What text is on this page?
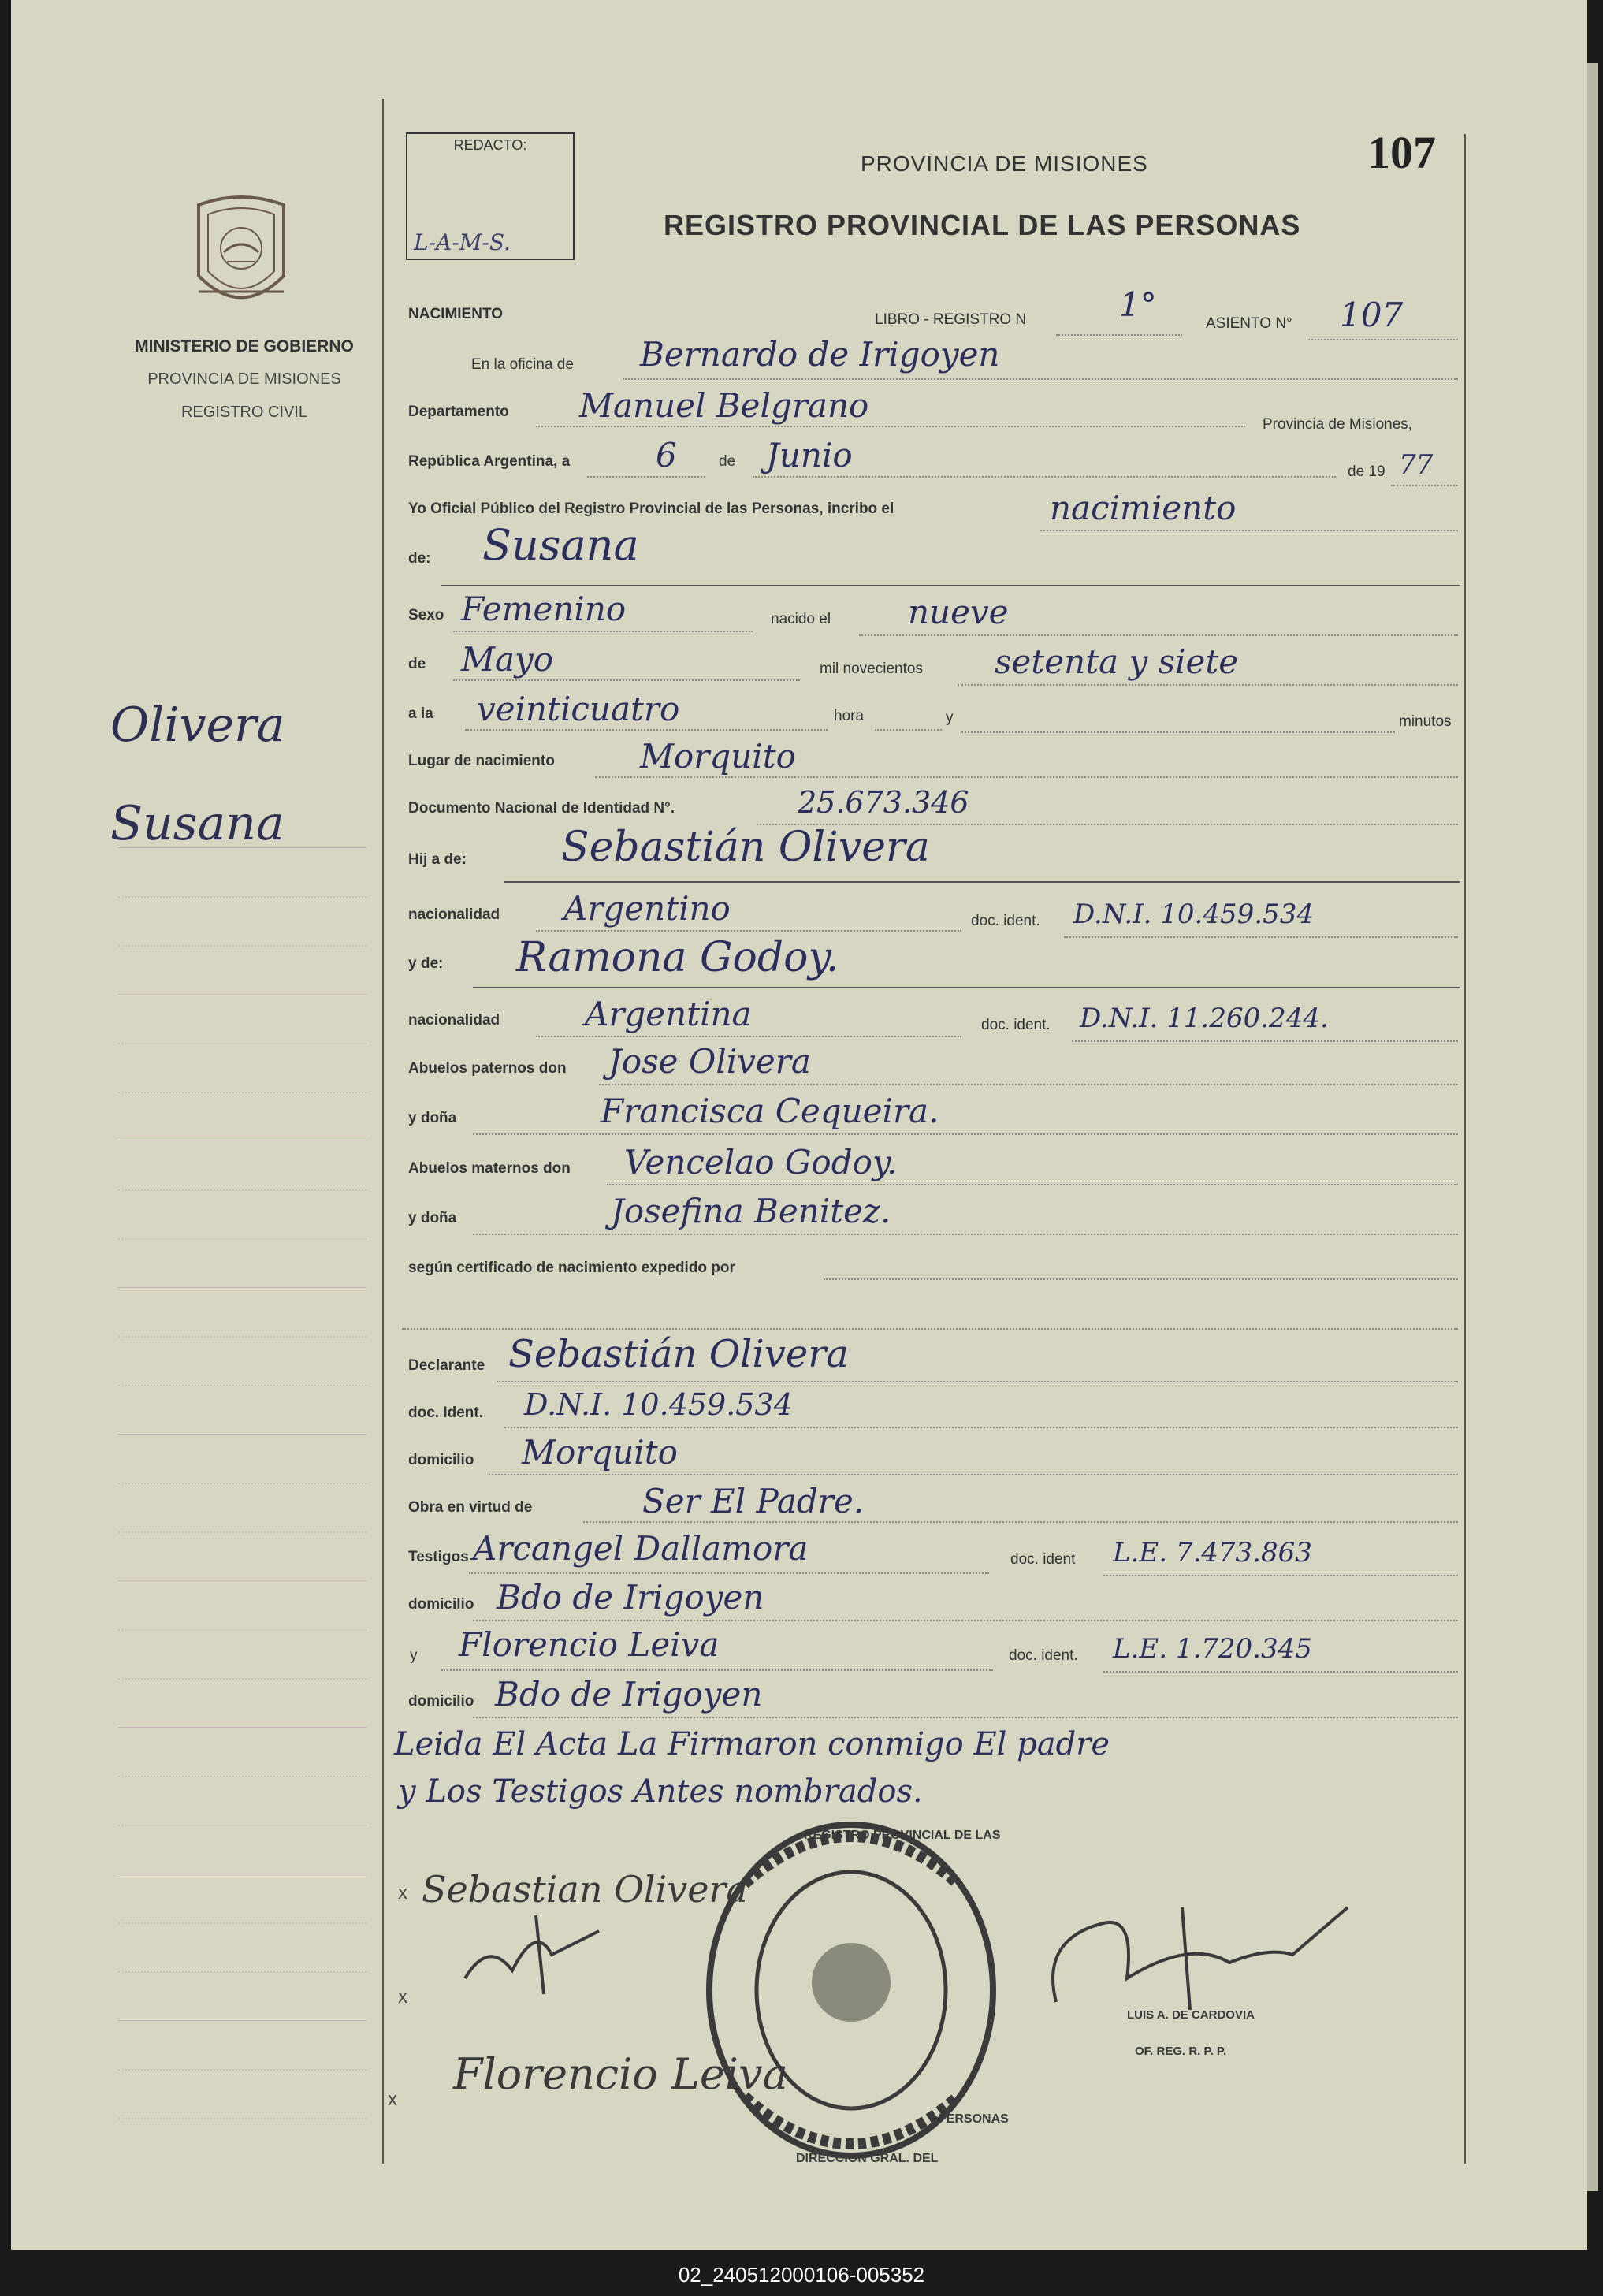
MINISTERIO DE GOBIERNO
PROVINCIA DE MISIONES
REGISTRO CIVIL
Olivera
Susana
REDACTO:
L-A-M-S.
PROVINCIA DE MISIONES	107
REGISTRO PROVINCIAL DE LAS PERSONAS
NACIMIENTO	LIBRO - REGISTRO N	1°	ASIENTO N° 107
En la oficina de Bernardo de Irigoyen
Departamento Manuel Belgrano	Provincia de Misiones,
República Argentina, a	6	de Junio	de 19 77
Yo Oficial Público del Registro Provincial de las Personas, incribo el	nacimiento
de: Susana
Sexo Femenino	nacido el nueve
de Mayo	mil novecientos setenta y siete
a la veinticuatro	hora	y	minutos
Lugar de nacimiento	Morquito
Documento Nacional de Identidad N°.	25.673.346
Hij a de: Sebastián Olivera
nacionalidad Argentino	doc. ident. D.N.I. 10.459.534
y de: Ramona Godoy.
nacionalidad	Argentina	doc. ident. D.N.I. 11.260.244.
Abuelos paternos don Jose Olivera
y doña	Francisca Cequeira.
Abuelos maternos don Vencelao Godoy.
y doña	Josefina Benitez.
según certificado de nacimiento expedido por
Declarante Sebastián Olivera
doc. Ident. D.N.I. 10.459.534
domicilio Morquito
Obra en virtud de	Ser El Padre.
Testigos Arcangel Dallamora	doc. ident L.E. 7.473.863
domicilio Bdo de Irigoyen
y Florencio Leiva	doc. ident. L.E. 1.720.345
domicilio Bdo de Irigoyen
Leida El Acta La Firmaron conmigo El padre
y Los Testigos Antes nombrados.
x Sebastian Olivera
x
x
Florencio Leiva
REGISTRO PROVINCIAL DE LAS
DIRECCION GRAL. DEL
PERSONAS
LUIS A. DE CARDOVIA
OF. REG. R. P. P.
02_240512000106-005352
